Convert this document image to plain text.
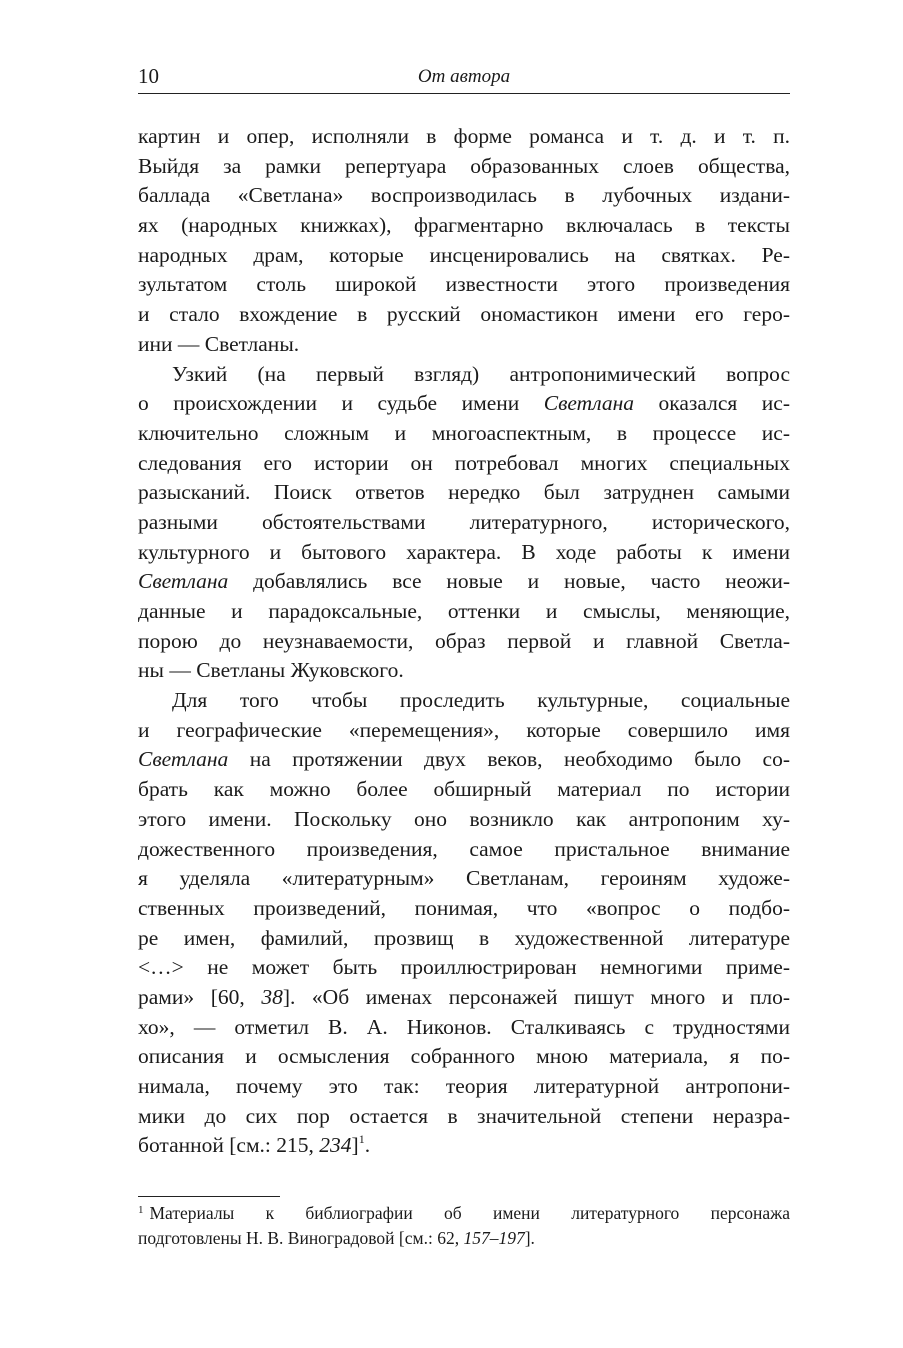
10	От автора
картин и опер, исполняли в форме романса и т. д. и т. п.
Выйдя за рамки репертуара образованных слоев общества,
баллада «Светлана» воспроизводилась в лубочных издани-
ях (народных книжках), фрагментарно включалась в тексты
народных драм, которые инсценировались на святках. Ре-
зультатом столь широкой известности этого произведения
и стало вхождение в русский ономастикон имени его геро-
ини — Светланы.
Узкий (на первый взгляд) антропонимический вопрос
о происхождении и судьбе имени Светлана оказался ис-
ключительно сложным и многоаспектным, в процессе ис-
следования его истории он потребовал многих специальных
разысканий. Поиск ответов нередко был затруднен самыми
разными обстоятельствами литературного, исторического,
культурного и бытового характера. В ходе работы к имени
Светлана добавлялись все новые и новые, часто неожи-
данные и парадоксальные, оттенки и смыслы, меняющие,
порою до неузнаваемости, образ первой и главной Светла-
ны — Светланы Жуковского.
Для того чтобы проследить культурные, социальные
и географические «перемещения», которые совершило имя
Светлана на протяжении двух веков, необходимо было со-
брать как можно более обширный материал по истории
этого имени. Поскольку оно возникло как антропоним ху-
дожественного произведения, самое пристальное внимание
я уделяла «литературным» Светланам, героиням художе-
ственных произведений, понимая, что «вопрос о подбо-
ре имен, фамилий, прозвищ в художественной литературе
<…> не может быть проиллюстрирован немногими приме-
рами» [60, 38]. «Об именах персонажей пишут много и пло-
хо», — отметил В. А. Никонов. Сталкиваясь с трудностями
описания и осмысления собранного мною материала, я по-
нимала, почему это так: теория литературной антропони-
мики до сих пор остается в значительной степени неразра-
ботанной [см.: 215, 234]$^1$.
$^1$ Материалы к библиографии об имени литературного персонажа
подготовлены Н. В. Виноградовой [см.: 62, 157–197].
